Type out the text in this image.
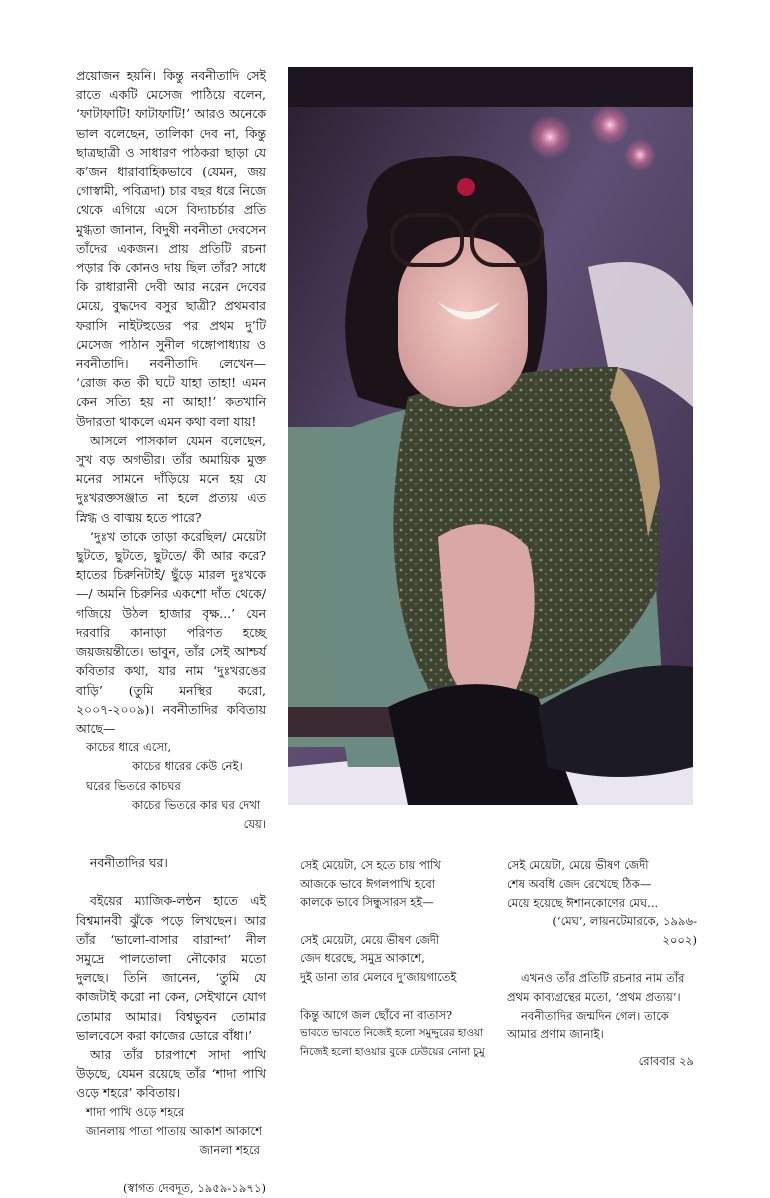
প্রয়োজন হয়নি। কিন্তু নবনীতাদি সেই রাতে একটি মেসেজ পাঠিয়ে বলেন, ‘ফাটাফাটি! ফাটাফাটি!’ আরও অনেকে ভাল বলেছেন, তালিকা দেব না, কিন্তু ছাত্রছাত্রী ও সাধারণ পাঠকরা ছাড়া যে ক’জন ধারাবাহিকভাবে (যেমন, জয় গোস্বামী, পবিত্রদা) চার বছর ধরে নিজে থেকে এগিয়ে এসে বিদ্যাচর্চার প্রতি মুগ্ধতা জানান, বিদুষী নবনীতা দেবসেন তাঁদের একজন। প্রায় প্রতিটি রচনা পড়ার কি কোনও দায় ছিল তাঁর? সাধে কি রাধারানী দেবী আর নরেন দেবের মেয়ে, বুদ্ধদেব বসুর ছাত্রী? প্রথমবার ফরাসি নাইটহুডের পর প্রথম দু’টি মেসেজ পাঠান সুনীল গঙ্গোপাধ্যায় ও নবনীতাদি। নবনীতাদি লেখেন— ‘রোজ কত কী ঘটে যাহা তাহা! এমন কেন সত্যি হয় না আহা!’ কতখানি উদারতা থাকলে এমন কথা বলা যায়!

আসলে পাসকাল যেমন বলেছেন, সুখ বড় অগভীর। তাঁর অমায়িক মুক্ত মনের সামনে দাঁড়িয়ে মনে হয় যে দুঃখরক্তসঞ্জাত না হলে প্রত্যয় এত স্নিগ্ধ ও বাঙ্ময় হতে পারে?

‘দুঃখ তাকে তাড়া করেছিল/ মেয়েটা ছুটতে, ছুটতে, ছুটতে/ কী আর করে? হাতের চিরুনিটাই/ ছুঁড়ে মারল দুঃখকে—/ অমনি চিরুনির একশো দাঁত থেকে/ গজিয়ে উঠল হাজার বৃক্ষ...’ যেন দরবারি কানাড়া পরিণত হচ্ছে জয়জয়ন্তীতে। ভাবুন, তাঁর সেই আশ্চর্য কবিতার কথা, যার নাম ‘দুঃখরঙের বাড়ি’ (তুমি মনস্থির করো, ২০০৭-২০০৯)। নবনীতাদির কবিতায় আছে—

কাচের ধারে এসো,
কাচের ধারের কেউ নেই।
ঘরের ভিতরে কাচঘর
কাচের ভিতরে কার ঘর দেখা
যেয়।

নবনীতাদির ঘর।

বইয়ের ম্যাজিক-লন্ঠন হাতে এই বিশ্বমানবী ঝুঁকে পড়ে লিখছেন। আর তাঁর ‘ভালো-বাসার বারান্দা’ নীল সমুদ্রে পালতোলা নৌকোর মতো দুলছে। তিনি জানেন, ‘তুমি যে কাজটাই করো না কেন, সেইখানে যোগ তোমার আমার। বিশ্বভুবন তোমার ভালবেসে করা কাজের ডোরে বাঁধা।’

আর তাঁর চারপাশে সাদা পাখি উড়ছে, যেমন রয়েছে তাঁর ‘শাদা পাখি ওড়ে শহরে’ কবিতায়।

শাদা পাখি ওড়ে শহরে
জানলায় পাতা পাতায় আকাশ আকাশে
জানলা শহরে
(স্বাগত দেবদূত, ১৯৫৯-১৯৭১)
সেই মেয়েটা, সে হতে চায় পাখি
আজকে ভাবে ঈগলপাখি হবো
কালকে ভাবে সিন্ধুসারস হই—
সেই মেয়েটা, মেয়ে ভীষণ জেদী
জেদ ধরেছে, সমুদ্র আকাশে,
দুই ডানা তার মেলবে দু’জায়গাতেই
কিন্তু আগে জল ছোঁবে না বাতাস?
ভাবতে ভাবতে নিজেই হলো সমুদ্দুরের হাওয়া
নিজেই হলো হাওয়ার বুকে ঢেউয়ের নোনা চুমু
সেই মেয়েটা, মেয়ে ভীষণ জেদী
শেষ অবধি জেদ রেখেছে ঠিক—
মেয়ে হয়েছে ঈশানকোণের মেঘ...
(‘মেঘ’, লায়নটেমারকে, ১৯৯৬-
২০০২)

এখনও তাঁর প্রতিটি রচনার নাম তাঁর প্রথম কাব্যগ্রন্থের মতো, ‘প্রথম প্রত্যয়’।

নবনীতাদির জন্মদিন গেল। তাকে আমার প্রণাম জানাই।

রোববার ২৯
